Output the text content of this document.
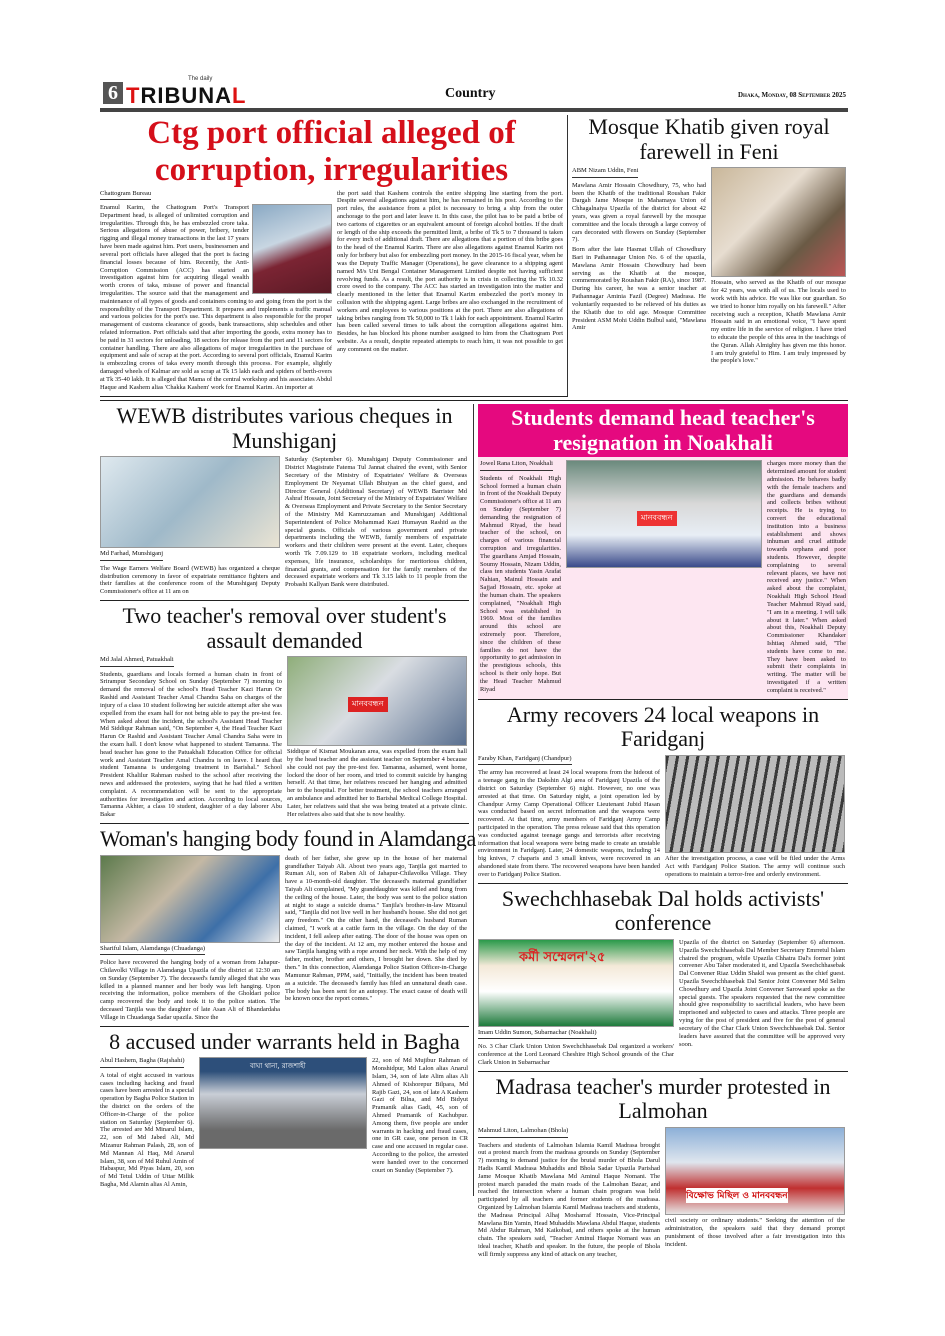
6
The daily
TRIBUNAL	Country	Dhaka, Monday, 08 September 2025
Ctg port official alleged of corruption, irregularities
Chattogram Bureau
Enamul Karim, the Chattogram Port's Transport Department head, is alleged of unlimited corruption and irregularities. Through this, he has embezzled crore taka. Serious allegations of abuse of power, bribery, tender rigging and illegal money transactions in the last 17 years have been made against him. Port users, businessmen and several port officials have alleged that the port is facing financial losses because of him. Recently, the Anti-Corruption Commission (ACC) has started an investigation against him for acquiring illegal wealth worth crores of taka, misuse of power and financial irregularities. The source said that the management and maintenance of all types of goods and containers coming to and going from the port is the responsibility of the Transport Department. It prepares and implements a traffic manual and various policies for the port's use. This department is also responsible for the proper management of customs clearance of goods, bank transactions, ship schedules and other related information. Port officials said that after importing the goods, extra money has to be paid in 31 sectors for unloading, 18 sectors for release from the port and 11 sectors for container handling. There are also allegations of major irregularities in the purchase of equipment and sale of scrap at the port. According to several port officials, Enamul Karim is embezzling crores of taka every month through this process. For example, slightly damaged wheels of Kalmar are sold as scrap at Tk 15 lakh each and spiders of berth-overs at Tk 35-40 lakh. It is alleged that Mama of the central workshop and his associates Abdul Haque and Kashem alias 'Chakka Kashem' work for Enamul Karim. An importer at
the port said that Kashem controls the entire shipping line starting from the port. Despite several allegations against him, he has remained in his post. According to the port rules, the assistance from a pilot is necessary to bring a ship from the outer anchorage to the port and later leave it. In this case, the pilot has to be paid a bribe of two cartons of cigarettes or an equivalent amount of foreign alcohol bottles. If the draft or length of the ship exceeds the permitted limit, a bribe of Tk 5 to 7 thousand is taken for every inch of additional draft. There are allegations that a portion of this bribe goes to the head of the Enamul Karim. There are also allegations against Enamul Karim not only for bribery but also for embezzling port money. In the 2015-16 fiscal year, when he was the Deputy Traffic Manager (Operations), he gave clearance to a shipping agent named M/s Uni Bengal Container Management Limited despite not having sufficient revolving funds. As a result, the port authority is in crisis in collecting the Tk 10.32 crore owed to the company. The ACC has started an investigation into the matter and clearly mentioned in the letter that Enamul Karim embezzled the port's money in collusion with the shipping agent. Large bribes are also exchanged in the recruitment of workers and employees to various positions at the port. There are also allegations of taking bribes ranging from Tk 50,000 to Tk 1 lakh for each appointment. Enamul Karim has been called several times to talk about the corruption allegations against him. Besides, he has blocked his phone number assigned to him from the Chattogram Port website. As a result, despite repeated attempts to reach him, it was not possible to get any comment on the matter.
Mosque Khatib given royal farewell in Feni
ABM Nizam Uddin, Feni
Mawlana Amir Hossain Chowdhury, 75, who had been the Khatib of the traditional Roushan Fakir Dargah Jame Mosque in Mahamaya Union of Chhagalnaiya Upazila of the district for about 42 years, was given a royal farewell by the mosque committee and the locals through a large convoy of cars decorated with flowers on Sunday (September 7).
Born after the late Hasmat Ullah of Chowdhury Bari in Pathannagar Union No. 6 of the upazila, Mawlana Amir Hossain Chowdhury had been serving as the Khatib at the mosque, commemorated by Roushan Fakir (RA), since 1987. During his career, he was a senior teacher at Pathannagar Aminia Fazil (Degree) Madrasa. He voluntarily requested to be relieved of his duties as the Khatib due to old age. Mosque Committee President ASM Mohi Uddin Bulbul said, "Mawlana Amir
Hossain, who served as the Khatib of our mosque for 42 years, was with all of us. The locals used to work with his advice. He was like our guardian. So we tried to honor him royally on his farewell." After receiving such a reception, Khatib Mawlana Amir Hossain said in an emotional voice, "I have spent my entire life in the service of religion. I have tried to educate the people of this area in the teachings of the Quran. Allah Almighty has given me this honor. I am truly grateful to Him. I am truly impressed by the people's love."
WEWB distributes various cheques in Munshiganj
Md Farhad, Munshiganj
The Wage Earners Welfare Board (WEWB) has organized a cheque distribution ceremony in favor of expatriate remittance fighters and their families at the conference room of the Munshiganj Deputy Commissioner's office at 11 am on
Saturday (September 6). Munshiganj Deputy Commissioner and District Magistrate Fatema Tul Jannat chaired the event, with Senior Secretary of the Ministry of Expatriates' Welfare & Overseas Employment Dr Neyamat Ullah Bhuiyan as the chief guest, and Director General (Additional Secretary) of WEWB Barrister Md Ashraf Hossain, Joint Secretary of the Ministry of Expatriates' Welfare & Overseas Employment and Private Secretary to the Senior Secretary of the Ministry Md Kamruzzaman and Munshiganj Additional Superintendent of Police Mohammad Kazi Humayun Rashid as the special guests. Officials of various government and private departments including the WEWB, family members of expatriate workers and their children were present at the event. Later, cheques worth Tk 7.09.129 to 18 expatriate workers, including medical expenses, life insurance, scholarships for meritorious children, financial grants, and compensation for the family members of the deceased expatriate workers and Tk 3.15 lakh to 11 people from the Probashi Kallyan Bank were distributed.
Two teacher's removal over student's assault demanded
Md Jalal Ahmed, Patuakhali
Students, guardians and locals formed a human chain in front of Srirampur Secondary School on Sunday (September 7) morning to demand the removal of the school's Head Teacher Kazi Harun Or Rashid and Assistant Teacher Amal Chandra Saha on charges of the injury of a class 10 student following her suicide attempt after she was expelled from the exam hall for not being able to pay the pre-test fee. When asked about the incident, the school's Assistant Head Teacher Md Siddiqur Rahman said, "On September 4, the Head Teacher Kazi Harun Or Rashid and Assistant Teacher Amal Chandra Saha were in the exam hall. I don't know what happened to student Tamanna. The head teacher has gone to the Patuakhali Education Office for official work and Assistant Teacher Amal Chandra is on leave. I heard that student Tamanna is undergoing treatment in Barishal." School President Khalilur Rahman rushed to the school after receiving the news and addressed the protesters, saying that he had filed a written complaint. A recommendation will be sent to the appropriate authorities for investigation and action. According to local sources, Tamanna Akhter, a class 10 student, daughter of a day laborer Abu Bakar
মানববন্ধন
Siddique of Kismat Moukaran area, was expelled from the exam hall by the head teacher and the assistant teacher on September 4 because she could not pay the pre-test fee. Tamanna, ashamed, went home, locked the door of her room, and tried to commit suicide by hanging herself. At that time, her relatives rescued her hanging and admitted her to the hospital. For better treatment, the school teachers arranged an ambulance and admitted her to Barishal Medical College Hospital. Later, her relatives said that she was being treated at a private clinic. Her relatives also said that she is now healthy.
Woman's hanging body found in Alamdanga
Shariful Islam, Alamdanga (Chuadanga)
Police have recovered the hanging body of a woman from Jahapur-Chilavolki Village in Alamdanga Upazila of the district at 12:30 am on Sunday (September 7). The deceased's family alleged that she was killed in a planned manner and her body was left hanging. Upon receiving the information, police members of the Gholdari police camp recovered the body and took it to the police station. The deceased Tanjila was the daughter of late Asan Ali of Bhandardaha Village in Chuadanga Sadar upazila. Since the
death of her father, she grew up in the house of her maternal grandfather Taiyab Ali. About two years ago, Tanjila got married to Ruman Ali, son of Raben Ali of Jahapur-Chilavolka Village. They have a 10-month-old daughter. The deceased's maternal grandfather Taiyab Ali complained, "My granddaughter was killed and hung from the ceiling of the house. Later, the body was sent to the police station at night to stage a suicide drama." Tanjila's brother-in-law Mizanul said, "Tanjila did not live well in her husband's house. She did not get any freedom." On the other hand, the deceased's husband Ruman claimed, "I work at a cattle farm in the village. On the day of the incident, I fell asleep after eating. The door of the house was open on the day of the incident. At 12 am, my mother entered the house and saw Tanjila hanging with a rope around her neck. With the help of my father, mother, brother and others, I brought her down. She died by then." In this connection, Alamdanga Police Station Officer-in-Charge Mamunur Rahman, PPM, said, "Initially, the incident has been treated as a suicide. The deceased's family has filed an unnatural death case. The body has been sent for an autopsy. The exact cause of death will be known once the report comes."
8 accused under warrants held in Bagha
Abul Hashem, Bagha (Rajshahi)
A total of eight accused in various cases including hacking and fraud cases have been arrested in a special operation by Bagha Police Station in the district on the orders of the Officer-in-Charge of the police station on Saturday (September 6). The arrested are Md Minarul Islam, 22, son of Md Jabed Ali, Md Mizanur Rahman Palash, 28, son of Md Mannan Al Haq, Md Anarul Islam, 38, son of Md Ruhul Amin of Habaspur, Md Piyas Islam, 20, son of Md Tetul Uddin of Uttar Millik Bagha, Md Alamin alias Al Amin,
বাঘা থানা, রাজশাহী
22, son of Md Mujibur Rahman of Monshidpur, Md Lalon alias Anarul Islam, 34, son of late Alim alias Ali Ahmed of Kishorepur Bilpara, Md Rajib Gazi, 24, son of late A Kashem Gazi of Bilna, and Md Bidyut Pramanik alias Gadi, 45, son of Ahmed Pramanik of Kachubpur. Among them, five people are under warrants in hacking and fraud cases, one in GR case, one person in CR case and one accused in regular case. According to the police, the arrested were handed over to the concerned court on Sunday (September 7).
Students demand head teacher's resignation in Noakhali
Jowel Rana Liton, Noakhali
Students of Noakhali High School formed a human chain in front of the Noakhali Deputy Commissioner's office at 11 am on Sunday (September 7) demanding the resignation of Mahmud Riyad, the head teacher of the school, on charges of various financial corruption and irregularities. The guardians Amjad Hossain, Soumy Hossain, Nizam Uddin, class ten students Yasin Arafat Nahian, Mainul Hossain and Sajjad Hossain, etc. spoke at the human chain. The speakers complained, "Noakhali High School was established in 1969. Most of the families around this school are extremely poor. Therefore, since the children of these families do not have the opportunity to get admission in the prestigious schools, this school is their only hope. But the Head Teacher Mahmud Riyad
মানববন্ধন
charges more money than the determined amount for student admission. He behaves badly with the female teachers and the guardians and demands and collects bribes without receipts. He is trying to convert the educational institution into a business establishment and shows inhuman and cruel attitude towards orphans and poor students. However, despite complaining to several relevant places, we have not received any justice." When asked about the complaint, Noakhali High School Head Teacher Mahmud Riyad said, "I am in a meeting. I will talk about it later." When asked about this, Noakhali Deputy Commissioner Khandaker Ishtiaq Ahmed said, "The students have come to me. They have been asked to submit their complaints in writing. The matter will be investigated if a written complaint is received."
Army recovers 24 local weapons in Faridganj
Faraby Khan, Faridganj (Chandpur)
The army has recovered at least 24 local weapons from the hideout of a teenage gang in the Dakshin Algi area of Faridganj Upazila of the district on Saturday (September 6) night. However, no one was arrested at that time. On Saturday night, a joint operation led by Chandpur Army Camp Operational Officer Lieutenant Jubid Hasan was conducted based on secret information and the weapons were recovered. At that time, army members of Faridganj Army Camp participated in the operation. The press release said that this operation was conducted against teenage gangs and terrorists after receiving information that local weapons were being made to create an unstable environment in Faridganj. Later, 24 domestic weapons, including 14 big knives, 7 chaparis and 3 small knives, were recovered in an abandoned state from there. The recovered weapons have been handed over to Faridganj Police Station.
After the investigation process, a case will be filed under the Arms Act with Faridganj Police Station. The army will continue such operations to maintain a terror-free and orderly environment.
Swechchhasebak Dal holds activists' conference
কর্মী সম্মেলন'২৫
Imam Uddin Sumon, Subarnachar (Noakhali)
No. 3 Char Clark Union Union Swechchhasebak Dal organized a workers' conference at the Lord Leonard Cheshire High School grounds of the Char Clark Union in Subarnachar
Upazila of the district on Saturday (September 6) afternoon. Upazila Swechchhasebak Dal Member Secretary Emrretul Islam chaired the program, while Upazila Chhatra Dal's former joint convener Abu Taher moderated it, and Upazila Swechchhasebak Dal Convener Riaz Uddin Shakil was present as the chief guest. Upazila Swechchhasebak Dal Senior Joint Convener Md Selim Chowdhury and Upazila Joint Convener Saroward spoke as the special guests. The speakers requested that the new committee should give responsibility to sacrificial leaders, who have been imprisoned and subjected to cases and attacks. Three people are vying for the post of president and five for the post of general secretary of the Char Clark Union Swechchhasebak Dal. Senior leaders have assured that the committee will be approved very soon.
Madrasa teacher's murder protested in Lalmohan
Mahmud Liton, Lalmohan (Bhola)
Teachers and students of Lalmohan Islamia Kamil Madrasa brought out a protest march from the madrasa grounds on Sunday (September 7) morning to demand justice for the brutal murder of Bhola Darul Hadis Kamil Madrasa Muhaddis and Bhola Sadar Upazila Parishad Jame Mosque Khatib Mawlana Md Aminul Haque Nomani. The protest march paraded the main roads of the Lalmohan Bazar, and reached the intersection where a human chain program was held participated by all teachers and former students of the madrasa. Organized by Lalmohan Islamia Kamil Madrasa teachers and students, the Madrasa Principal Alhaj Mosharraf Hossain, Vice-Principal Mawlana Bin Yamin, Head Muhaddis Mawlana Abdul Haque, students Md Abdur Rahman, Md Kaikobad, and others spoke at the human chain. The speakers said, "Teacher Aminul Haque Nomani was an ideal teacher, Khatib and speaker. In the future, the people of Bhola will firmly suppress any kind of attack on any teacher,
বিক্ষোভ মিছিল ও মানববন্ধন
civil society or ordinary students." Seeking the attention of the administration, the speakers said that they demand prompt punishment of those involved after a fair investigation into this incident.
